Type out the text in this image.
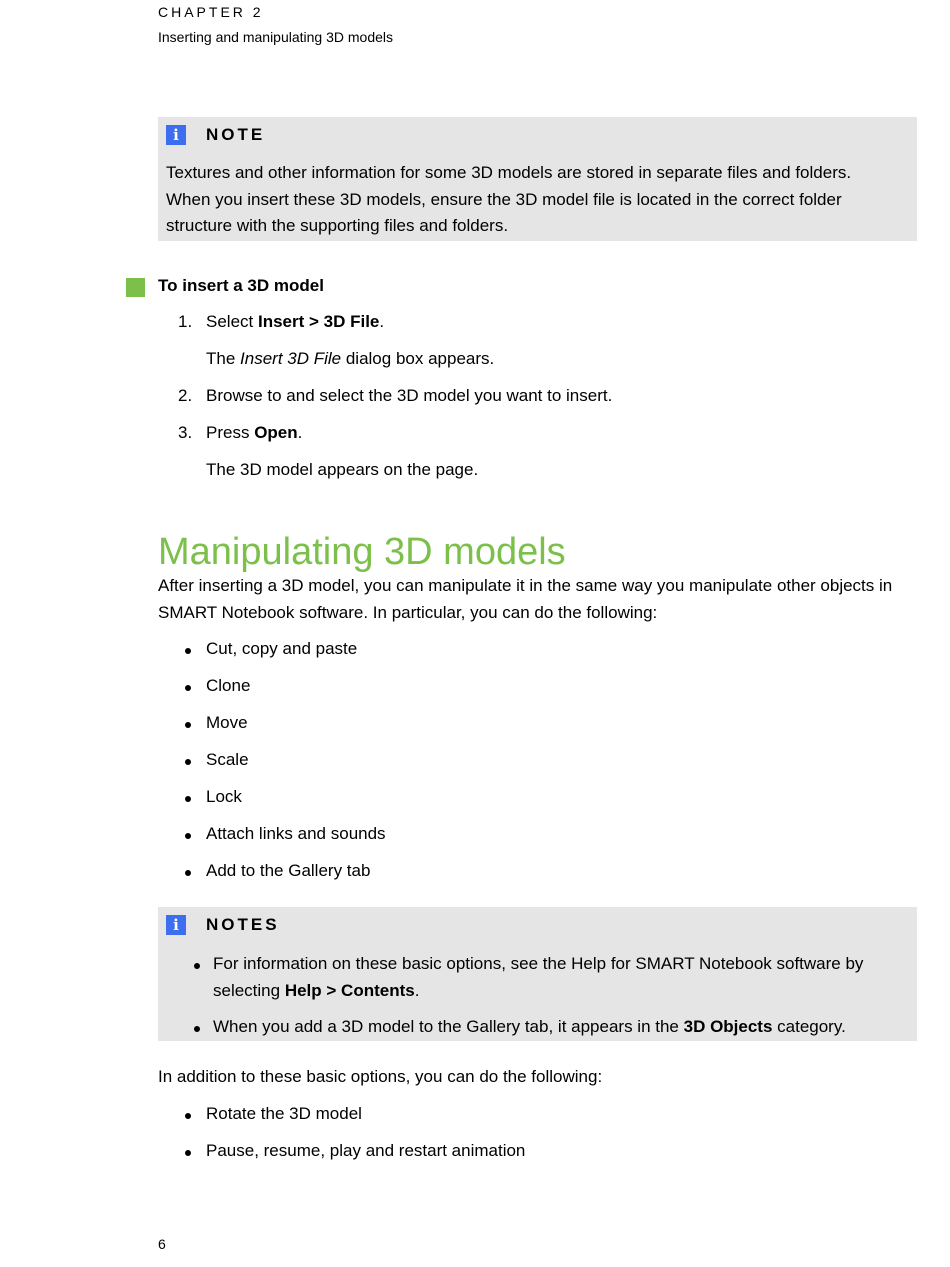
CHAPTER 2
Inserting and manipulating 3D models
i	NOTE

Textures and other information for some 3D models are stored in separate files and folders. When you insert these 3D models, ensure the 3D model file is located in the correct folder structure with the supporting files and folders.

To insert a 3D model
1. Select Insert > 3D File.
The Insert 3D File dialog box appears.
2. Browse to and select the 3D model you want to insert.
3. Press Open.
The 3D model appears on the page.
Manipulating 3D models

After inserting a 3D model, you can manipulate it in the same way you manipulate other objects in SMART Notebook software. In particular, you can do the following:

Cut, copy and paste
Clone
Move
Scale
Lock
Attach links and sounds
Add to the Gallery tab
i	NOTES
For information on these basic options, see the Help for SMART Notebook software by selecting Help > Contents.
When you add a 3D model to the Gallery tab, it appears in the 3D Objects category.

In addition to these basic options, you can do the following:

Rotate the 3D model
Pause, resume, play and restart animation
6
